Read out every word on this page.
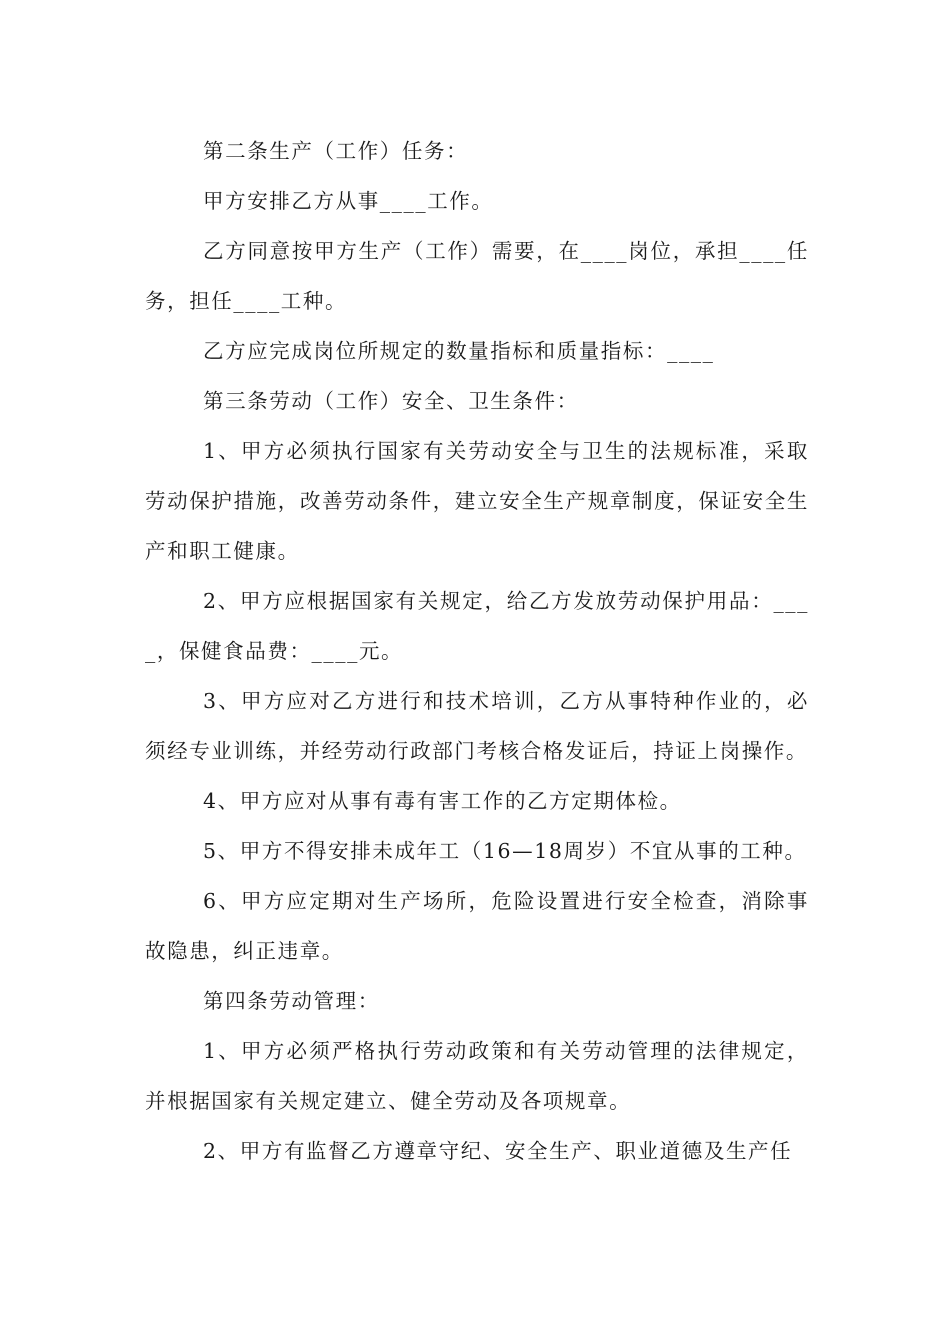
第二条生产（工作）任务：

甲方安排乙方从事____工作。

乙方同意按甲方生产（工作）需要，在____岗位，承担____任务，担任____工种。

乙方应完成岗位所规定的数量指标和质量指标：____

第三条劳动（工作）安全、卫生条件：

1、甲方必须执行国家有关劳动安全与卫生的法规标准，采取劳动保护措施，改善劳动条件，建立安全生产规章制度，保证安全生产和职工健康。

2、甲方应根据国家有关规定，给乙方发放劳动保护用品：____，保健食品费：____元。

3、甲方应对乙方进行和技术培训，乙方从事特种作业的，必须经专业训练，并经劳动行政部门考核合格发证后，持证上岗操作。

4、甲方应对从事有毒有害工作的乙方定期体检。

5、甲方不得安排未成年工（16—18周岁）不宜从事的工种。

6、甲方应定期对生产场所，危险设置进行安全检查，消除事故隐患，纠正违章。

第四条劳动管理：

1、甲方必须严格执行劳动政策和有关劳动管理的法律规定，并根据国家有关规定建立、健全劳动及各项规章。

2、甲方有监督乙方遵章守纪、安全生产、职业道德及生产任
